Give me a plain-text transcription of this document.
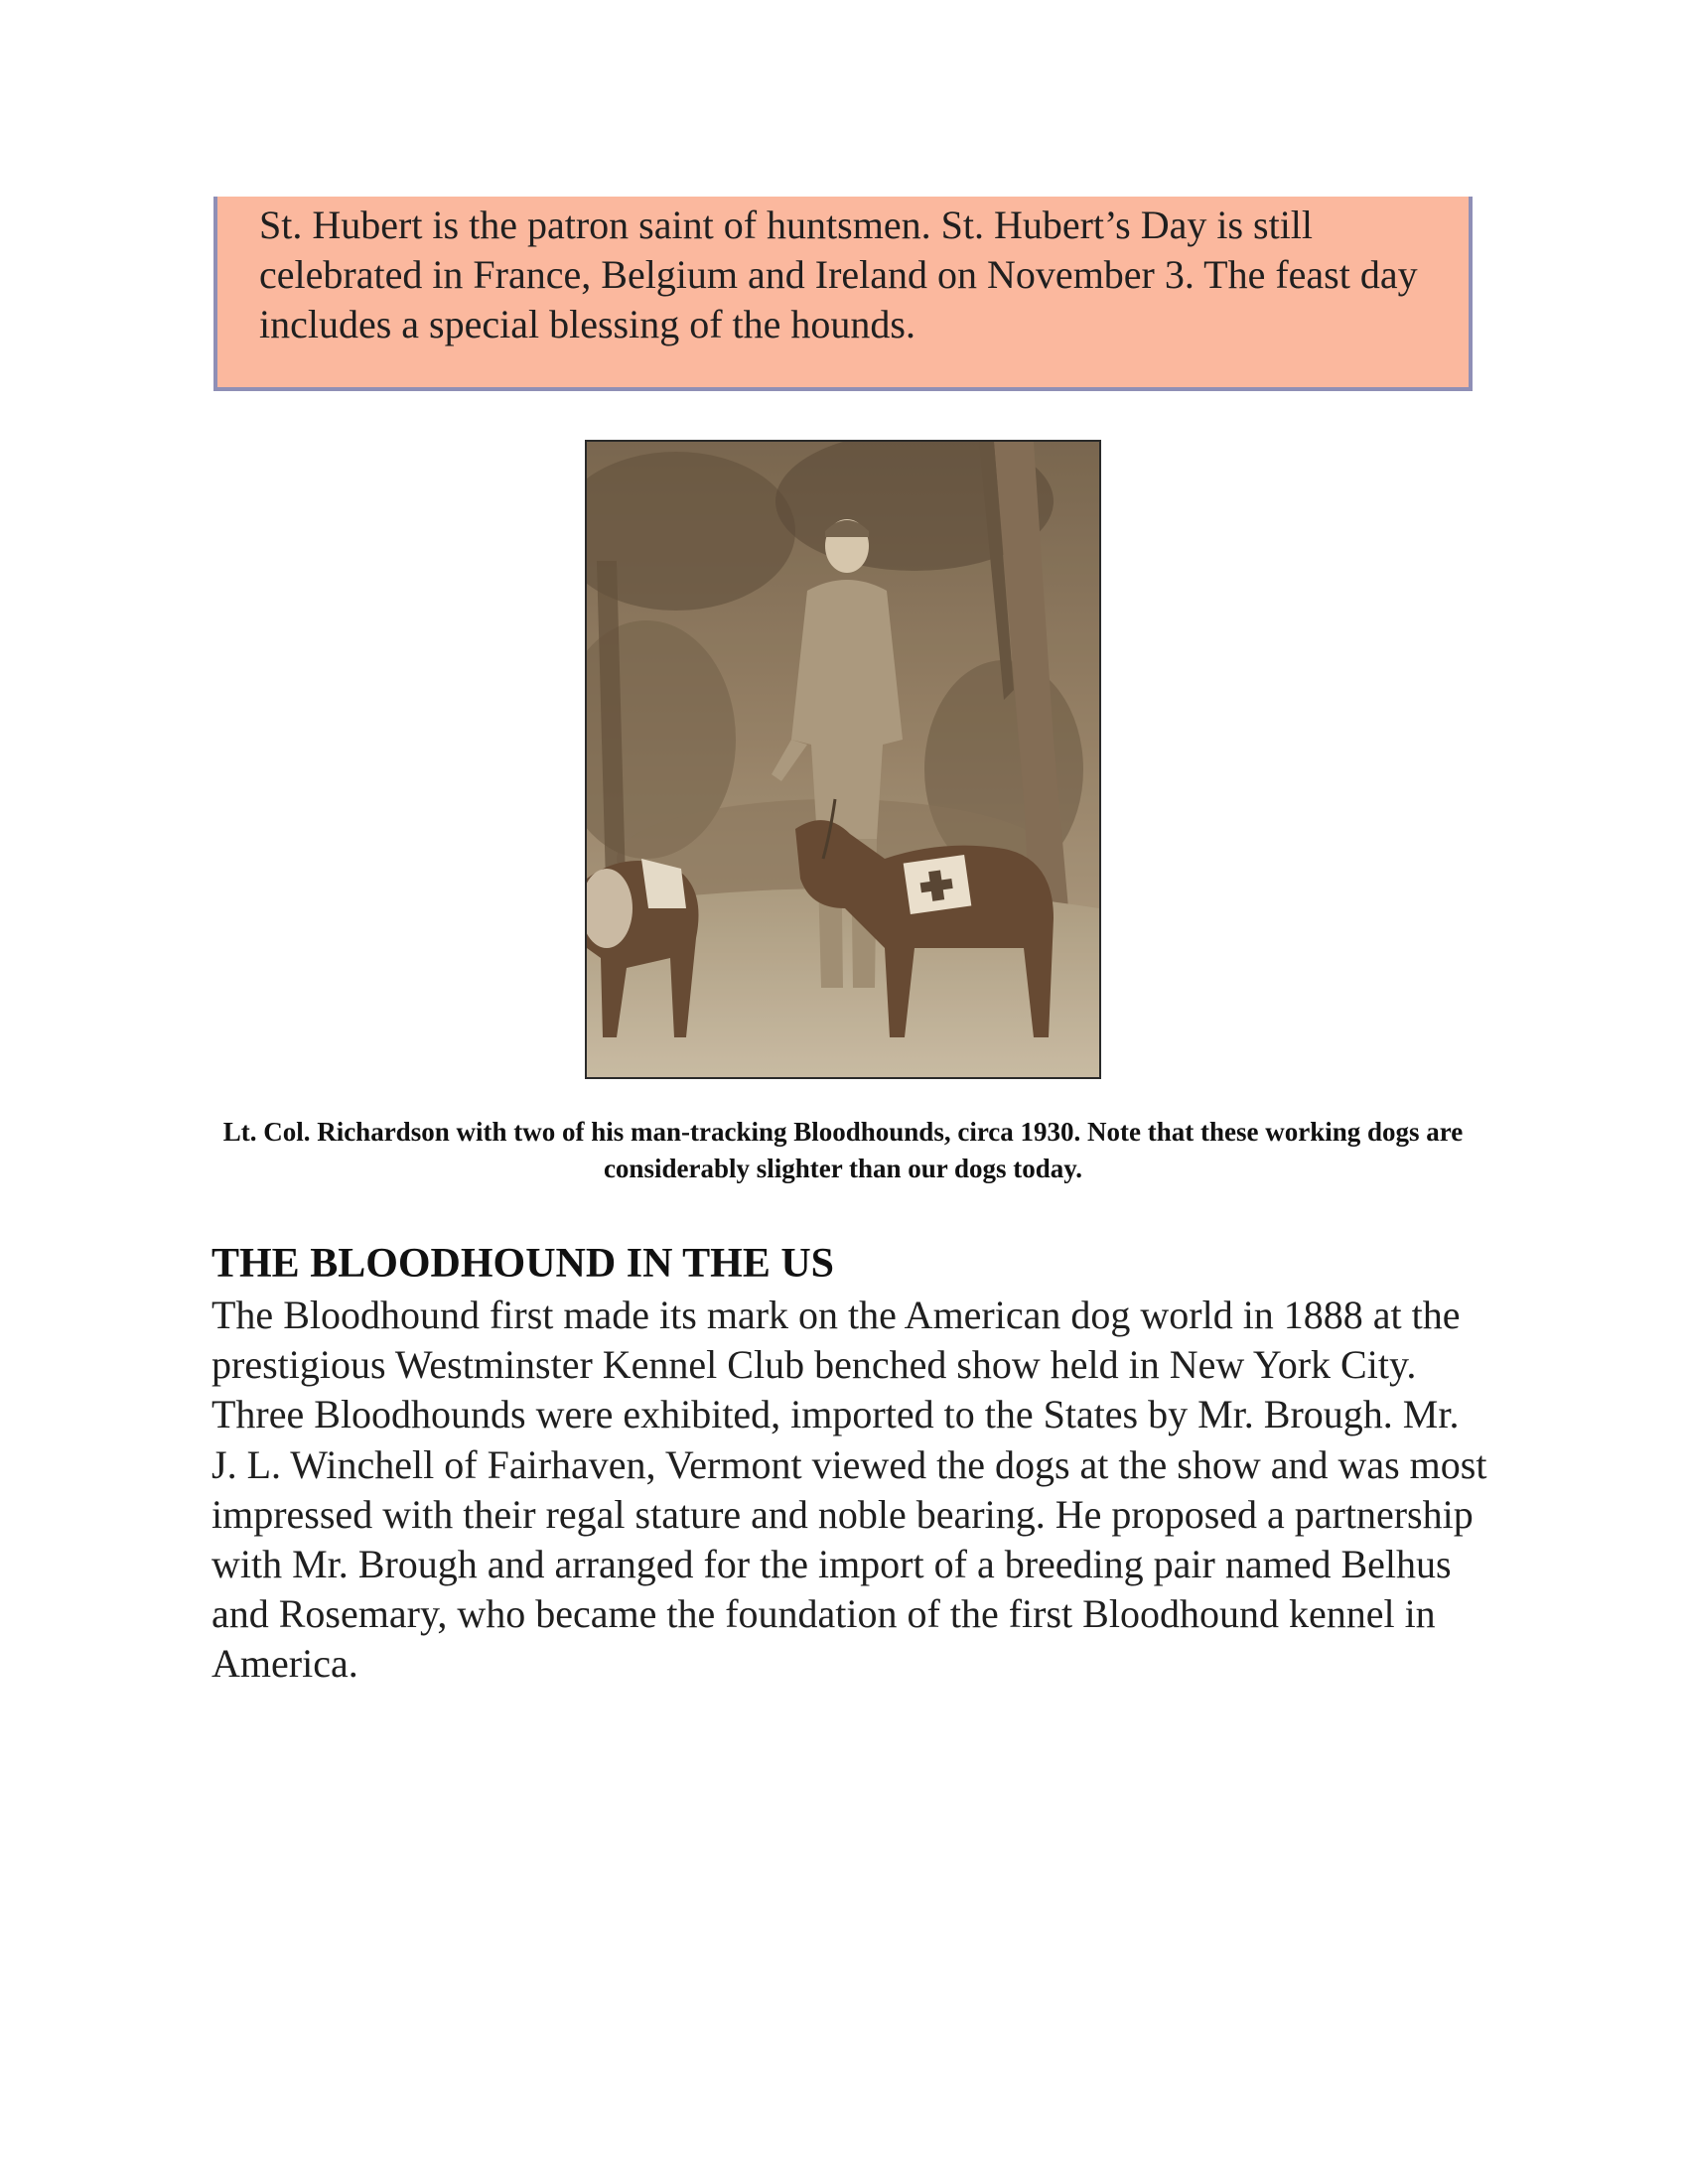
St. Hubert is the patron saint of huntsmen. St. Hubert’s Day is still celebrated in France, Belgium and Ireland on November 3. The feast day includes a special blessing of the hounds.

Lt. Col. Richardson with two of his man-tracking Bloodhounds, circa 1930. Note that these working dogs are considerably slighter than our dogs today.

THE BLOODHOUND IN THE US

The Bloodhound first made its mark on the American dog world in 1888 at the prestigious Westminster Kennel Club benched show held in New York City. Three Bloodhounds were exhibited, imported to the States by Mr. Brough. Mr. J. L. Winchell of Fairhaven, Vermont viewed the dogs at the show and was most impressed with their regal stature and noble bearing. He proposed a partnership with Mr. Brough and arranged for the import of a breeding pair named Belhus and Rosemary, who became the foundation of the first Bloodhound kennel in America.
